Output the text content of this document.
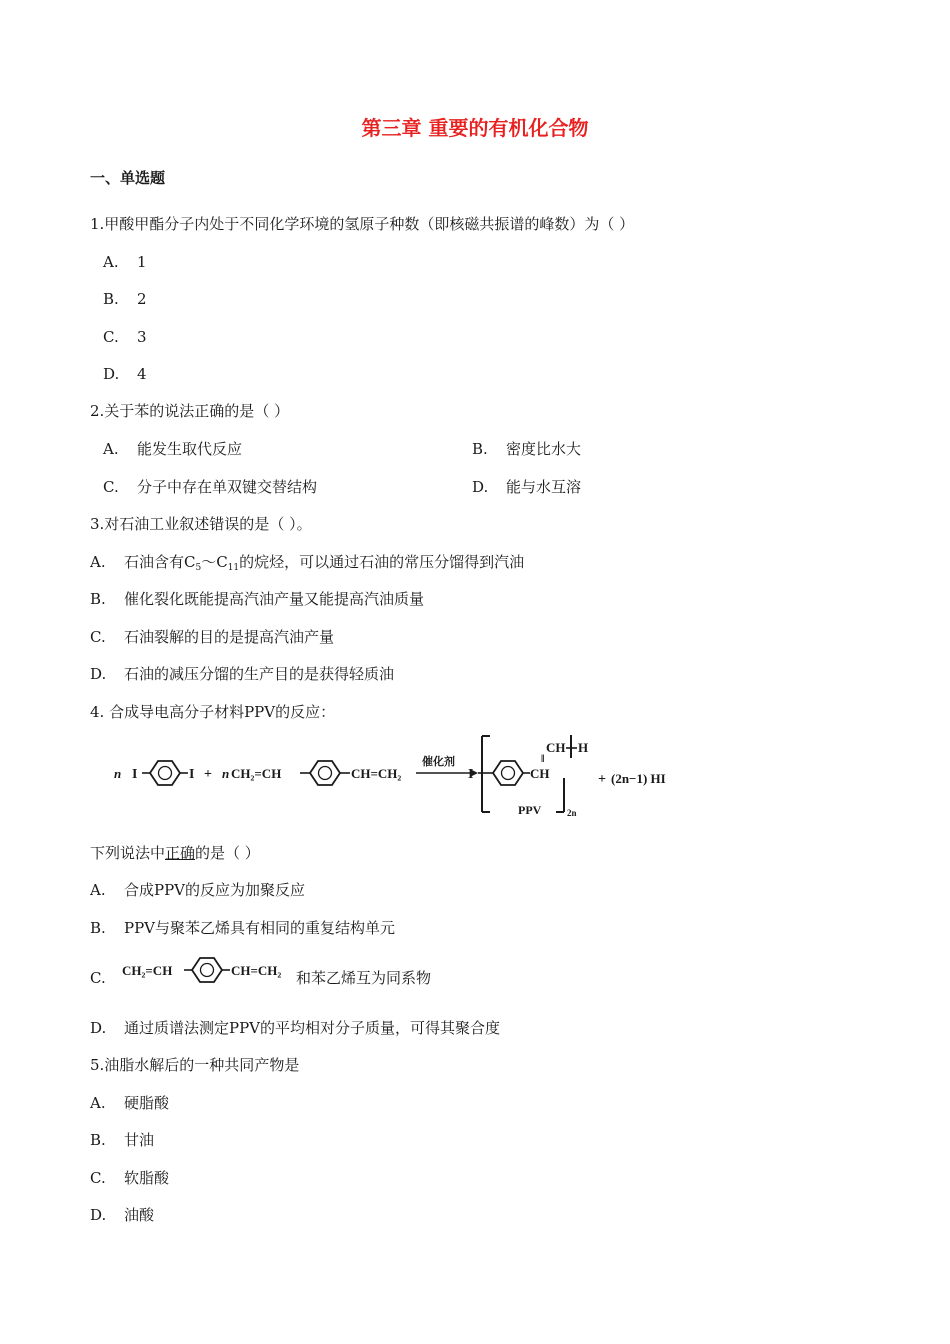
第三章 重要的有机化合物
一、单选题
1.甲酸甲酯分子内处于不同化学环境的氢原子种数（即核磁共振谱的峰数）为（ ）
A. 1
B. 2
C. 3
D. 4
2.关于苯的说法正确的是（ ）
A. 能发生取代反应	B. 密度比水大
C. 分子中存在单双键交替结构	D. 能与水互溶
3.对石油工业叙述错误的是（ ）。
A. 石油含有$C_5\sim C_{11}$的烷烃，可以通过石油的常压分馏得到汽油
B. 催化裂化既能提高汽油产量又能提高汽油质量
C. 石油裂解的目的是提高汽油产量
D. 石油的减压分馏的生产目的是获得轻质油
4. 合成导电高分子材料PPV的反应：
n I	I + n CH₂=CH	CH=CH₂
催化剂
I	CH
‖
CH H
2n
+ (2n−1) HI
PPV
下列说法中正确的是（ ）
A. 合成PPV的反应为加聚反应
B. PPV与聚苯乙烯具有相同的重复结构单元
C. CH₂=CH	CH=CH₂ 和苯乙烯互为同系物
D. 通过质谱法测定PPV的平均相对分子质量，可得其聚合度
5.油脂水解后的一种共同产物是
A. 硬脂酸
B. 甘油
C. 软脂酸
D. 油酸
